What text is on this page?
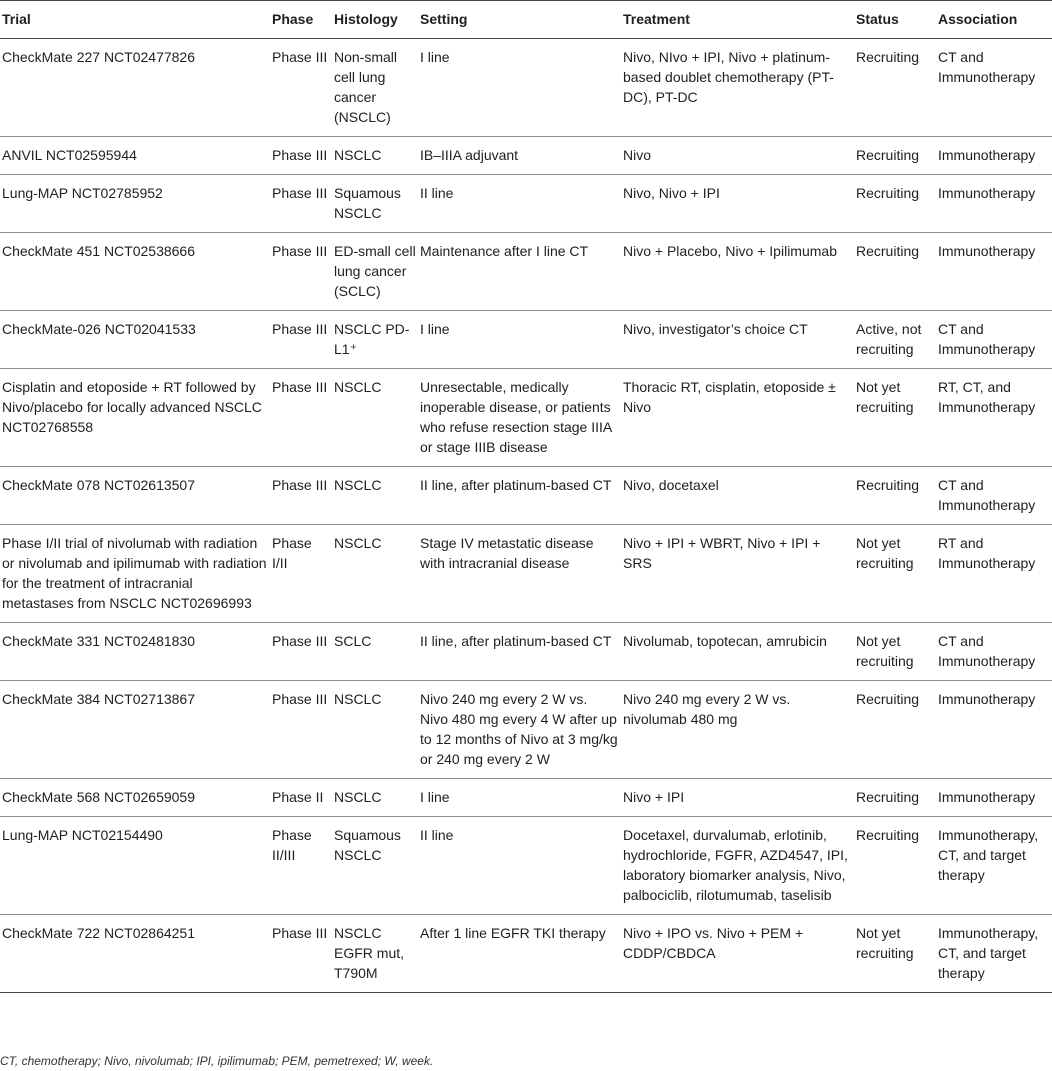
Trial	Phase	Histology	Setting	Treatment	Status	Association
CheckMate 227 NCT02477826	Phase III	Non-small cell lung cancer (NSCLC)	I line	Nivo, NIvo + IPI, Nivo + platinum-based doublet chemotherapy (PT-DC), PT-DC	Recruiting	CT and Immunotherapy
ANVIL NCT02595944	Phase III	NSCLC	IB–IIIA adjuvant	Nivo	Recruiting	Immunotherapy
Lung-MAP NCT02785952	Phase III	Squamous NSCLC	II line	Nivo, Nivo + IPI	Recruiting	Immunotherapy
CheckMate 451 NCT02538666	Phase III	ED-small cell lung cancer (SCLC)	Maintenance after I line CT	Nivo + Placebo, Nivo + Ipilimumab	Recruiting	Immunotherapy
CheckMate-026 NCT02041533	Phase III	NSCLC PD-L1⁺	I line	Nivo, investigator’s choice CT	Active, not recruiting	CT and Immunotherapy
Cisplatin and etoposide + RT followed by Nivo/placebo for locally advanced NSCLC NCT02768558	Phase III	NSCLC	Unresectable, medically inoperable disease, or patients who refuse resection stage IIIA or stage IIIB disease	Thoracic RT, cisplatin, etoposide ± Nivo	Not yet recruiting	RT, CT, and Immunotherapy
CheckMate 078 NCT02613507	Phase III	NSCLC	II line, after platinum-based CT	Nivo, docetaxel	Recruiting	CT and Immunotherapy
Phase I/II trial of nivolumab with radiation or nivolumab and ipilimumab with radiation for the treatment of intracranial metastases from NSCLC NCT02696993	Phase I/II	NSCLC	Stage IV metastatic disease with intracranial disease	Nivo + IPI + WBRT, Nivo + IPI + SRS	Not yet recruiting	RT and Immunotherapy
CheckMate 331 NCT02481830	Phase III	SCLC	II line, after platinum-based CT	Nivolumab, topotecan, amrubicin	Not yet recruiting	CT and Immunotherapy
CheckMate 384 NCT02713867	Phase III	NSCLC	Nivo 240 mg every 2 W vs. Nivo 480 mg every 4 W after up to 12 months of Nivo at 3 mg/kg or 240 mg every 2 W	Nivo 240 mg every 2 W vs. nivolumab 480 mg	Recruiting	Immunotherapy
CheckMate 568 NCT02659059	Phase II	NSCLC	I line	Nivo + IPI	Recruiting	Immunotherapy
Lung-MAP NCT02154490	Phase II/III	Squamous NSCLC	II line	Docetaxel, durvalumab, erlotinib, hydrochloride, FGFR, AZD4547, IPI, laboratory biomarker analysis, Nivo, palbociclib, rilotumumab, taselisib	Recruiting	Immunotherapy, CT, and target therapy
CheckMate 722 NCT02864251	Phase III	NSCLC EGFR mut, T790M	After 1 line EGFR TKI therapy	Nivo + IPO vs. Nivo + PEM + CDDP/CBDCA	Not yet recruiting	Immunotherapy, CT, and target therapy
CT, chemotherapy; Nivo, nivolumab; IPI, ipilimumab; PEM, pemetrexed; W, week.
